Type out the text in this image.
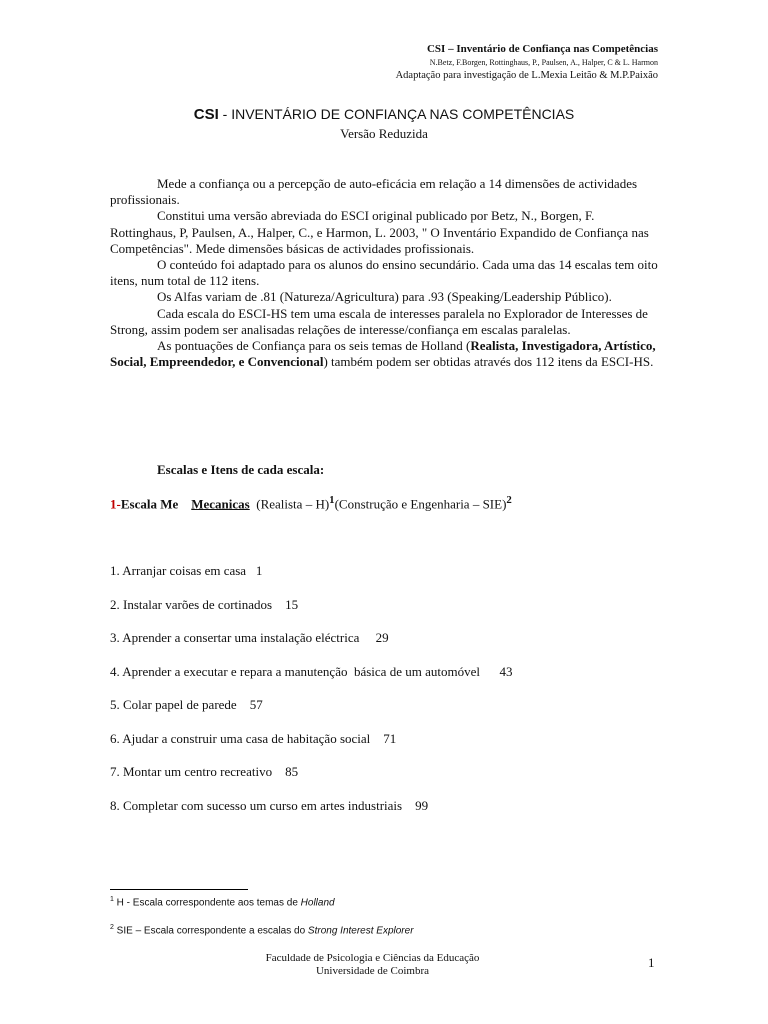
CSI – Inventário de Confiança nas Competências
N.Betz, F.Borgen, Rottinghaus, P., Paulsen, A., Halper, C & L. Harmon
Adaptação para investigação de L.Mexia Leitão & M.P.Paixão
CSI - INVENTÁRIO DE CONFIANÇA NAS COMPETÊNCIAS
Versão Reduzida

Mede a confiança ou a percepção de auto-eficácia em relação a 14 dimensões de actividades profissionais.

Constitui uma versão abreviada do ESCI original publicado por Betz, N., Borgen, F. Rottinghaus, P, Paulsen, A., Halper, C., e Harmon, L. 2003, " O Inventário Expandido de Confiança nas Competências". Mede dimensões básicas de actividades profissionais.

O conteúdo foi adaptado para os alunos do ensino secundário. Cada uma das 14 escalas tem oito itens, num total de 112 itens.

Os Alfas variam de .81 (Natureza/Agricultura) para .93 (Speaking/Leadership Público).

Cada escala do ESCI-HS tem uma escala de interesses paralela no Explorador de Interesses de Strong, assim podem ser analisadas relações de interesse/confiança em escalas paralelas.

As pontuações de Confiança para os seis temas de Holland (Realista, Investigadora, Artístico, Social, Empreendedor, e Convencional) também podem ser obtidas através dos 112 itens da ESCI-HS.

Escalas e Itens de cada escala:
1-Escala Me Mecanicas (Realista – H)$^1$(Construção e Engenharia – SIE)$^2$
1. Arranjar coisas em casa   1
2. Instalar varões de cortinados    15
3. Aprender a consertar uma instalação eléctrica     29
4. Aprender a executar e repara a manutenção  básica de um automóvel      43
5. Colar papel de parede    57
6. Ajudar a construir uma casa de habitação social    71
7. Montar um centro recreativo    85
8. Completar com sucesso um curso em artes industriais    99
$^1$ H - Escala correspondente aos temas de Holland
$^2$ SIE – Escala correspondente a escalas do Strong Interest Explorer
Faculdade de Psicologia e Ciências da Educação
Universidade de Coimbra
1
